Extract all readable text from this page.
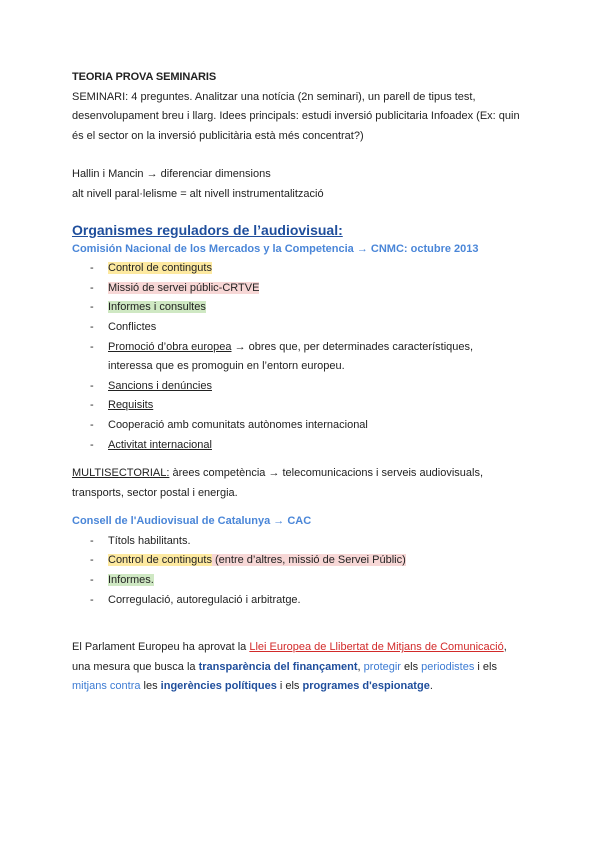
TEORIA PROVA SEMINARIS
SEMINARI: 4 preguntes. Analitzar una notícia (2n seminari), un parell de tipus test,
desenvolupament breu i llarg. Idees principals: estudi inversió publicitaria Infoadex (Ex: quin
és el sector on la inversió publicitària està més concentrat?)
Hallin i Mancin → diferenciar dimensions
alt nivell paral·lelisme = alt nivell instrumentalització
Organismes reguladors de l’audiovisual:
Comisión Nacional de los Mercados y la Competencia → CNMC: octubre 2013
- Control de continguts
- Missió de servei públic-CRTVE
- Informes i consultes
- Conflictes
- Promoció d’obra europea → obres que, per determinades característiques,
interessa que es promoguin en l’entorn europeu.
- Sancions i denúncies
- Requisits
- Cooperació amb comunitats autònomes internacional
- Activitat internacional
MULTISECTORIAL: àrees competència → telecomunicacions i serveis audiovisuals,
transports, sector postal i energia.
Consell de l'Audiovisual de Catalunya → CAC
- Títols habilitants.
- Control de continguts (entre d’altres, missió de Servei Públic)
- Informes.
- Corregulació, autoregulació i arbitratge.
El Parlament Europeu ha aprovat la Llei Europea de Llibertat de Mitjans de Comunicació,
una mesura que busca la transparència del finançament, protegir els periodistes i els
mitjans contra les ingerències polítiques i els programes d'espionatge.
